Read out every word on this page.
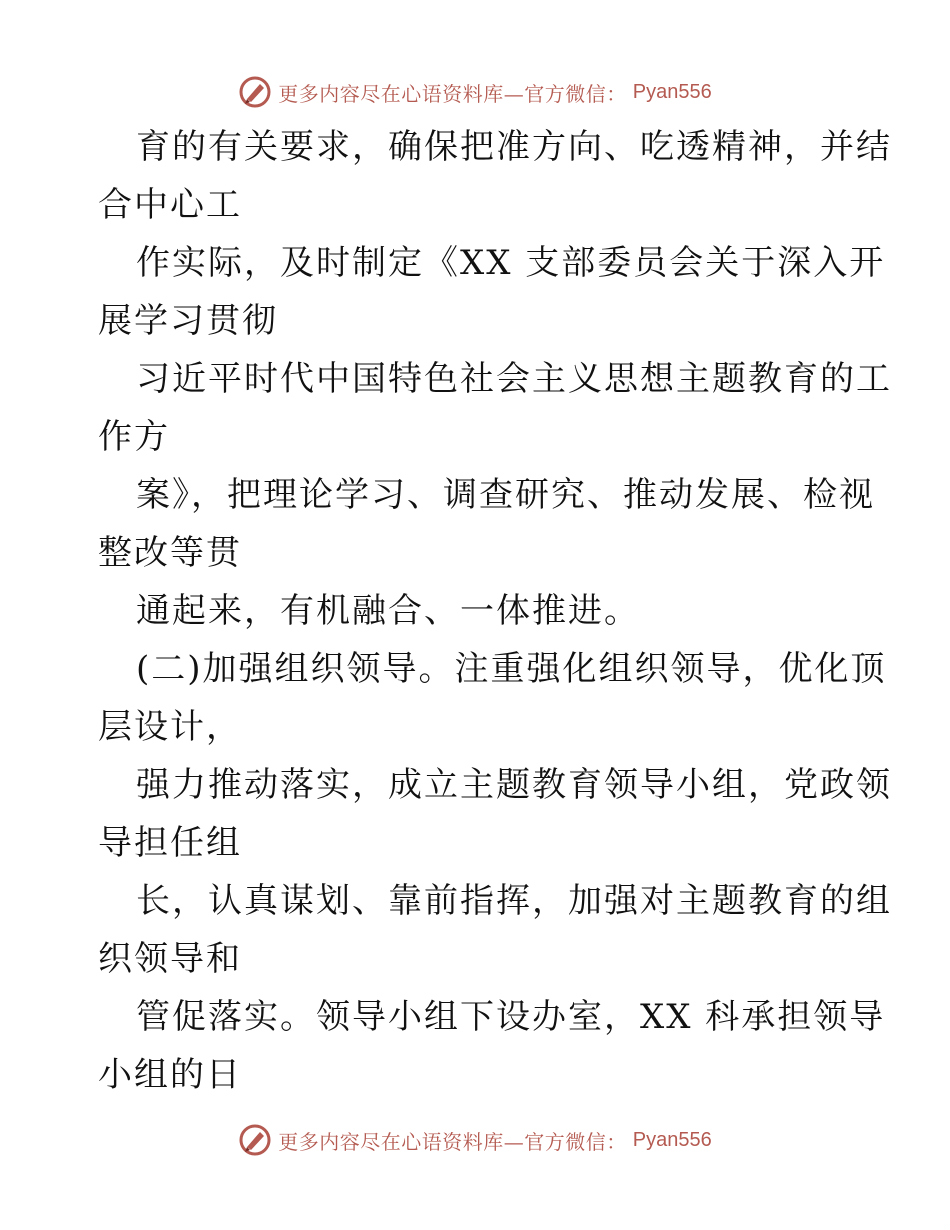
更多内容尽在心语资料库—官方微信： Pyan556
育的有关要求，确保把准方向、吃透精神，并结
合中心工
作实际，及时制定《XX 支部委员会关于深入开
展学习贯彻
习近平时代中国特色社会主义思想主题教育的工
作方
案》，把理论学习、调查研究、推动发展、检视
整改等贯
通起来，有机融合、一体推进。
(二)加强组织领导。注重强化组织领导，优化顶
层设计，
强力推动落实，成立主题教育领导小组，党政领
导担任组
长，认真谋划、靠前指挥，加强对主题教育的组
织领导和
管促落实。领导小组下设办室，XX 科承担领导
小组的日
更多内容尽在心语资料库—官方微信： Pyan556
